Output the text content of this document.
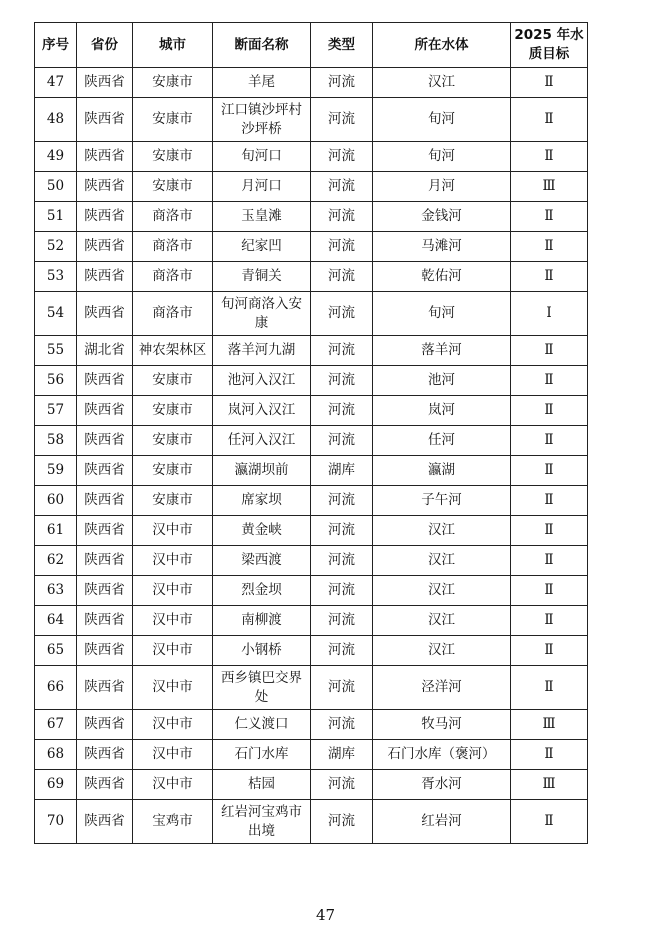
序号	省份	城市	断面名称	类型	所在水体	2025 年水质目标
47	陕西省	安康市	羊尾	河流	汉江	Ⅱ
48	陕西省	安康市	江口镇沙坪村沙坪桥	河流	旬河	Ⅱ
49	陕西省	安康市	旬河口	河流	旬河	Ⅱ
50	陕西省	安康市	月河口	河流	月河	Ⅲ
51	陕西省	商洛市	玉皇滩	河流	金钱河	Ⅱ
52	陕西省	商洛市	纪家凹	河流	马滩河	Ⅱ
53	陕西省	商洛市	青铜关	河流	乾佑河	Ⅱ
54	陕西省	商洛市	旬河商洛入安康	河流	旬河	Ⅰ
55	湖北省	神农架林区	落羊河九湖	河流	落羊河	Ⅱ
56	陕西省	安康市	池河入汉江	河流	池河	Ⅱ
57	陕西省	安康市	岚河入汉江	河流	岚河	Ⅱ
58	陕西省	安康市	任河入汉江	河流	任河	Ⅱ
59	陕西省	安康市	瀛湖坝前	湖库	瀛湖	Ⅱ
60	陕西省	安康市	席家坝	河流	子午河	Ⅱ
61	陕西省	汉中市	黄金峡	河流	汉江	Ⅱ
62	陕西省	汉中市	梁西渡	河流	汉江	Ⅱ
63	陕西省	汉中市	烈金坝	河流	汉江	Ⅱ
64	陕西省	汉中市	南柳渡	河流	汉江	Ⅱ
65	陕西省	汉中市	小钢桥	河流	汉江	Ⅱ
66	陕西省	汉中市	西乡镇巴交界处	河流	泾洋河	Ⅱ
67	陕西省	汉中市	仁义渡口	河流	牧马河	Ⅲ
68	陕西省	汉中市	石门水库	湖库	石门水库（褒河）	Ⅱ
69	陕西省	汉中市	桔园	河流	胥水河	Ⅲ
70	陕西省	宝鸡市	红岩河宝鸡市出境	河流	红岩河	Ⅱ
47
